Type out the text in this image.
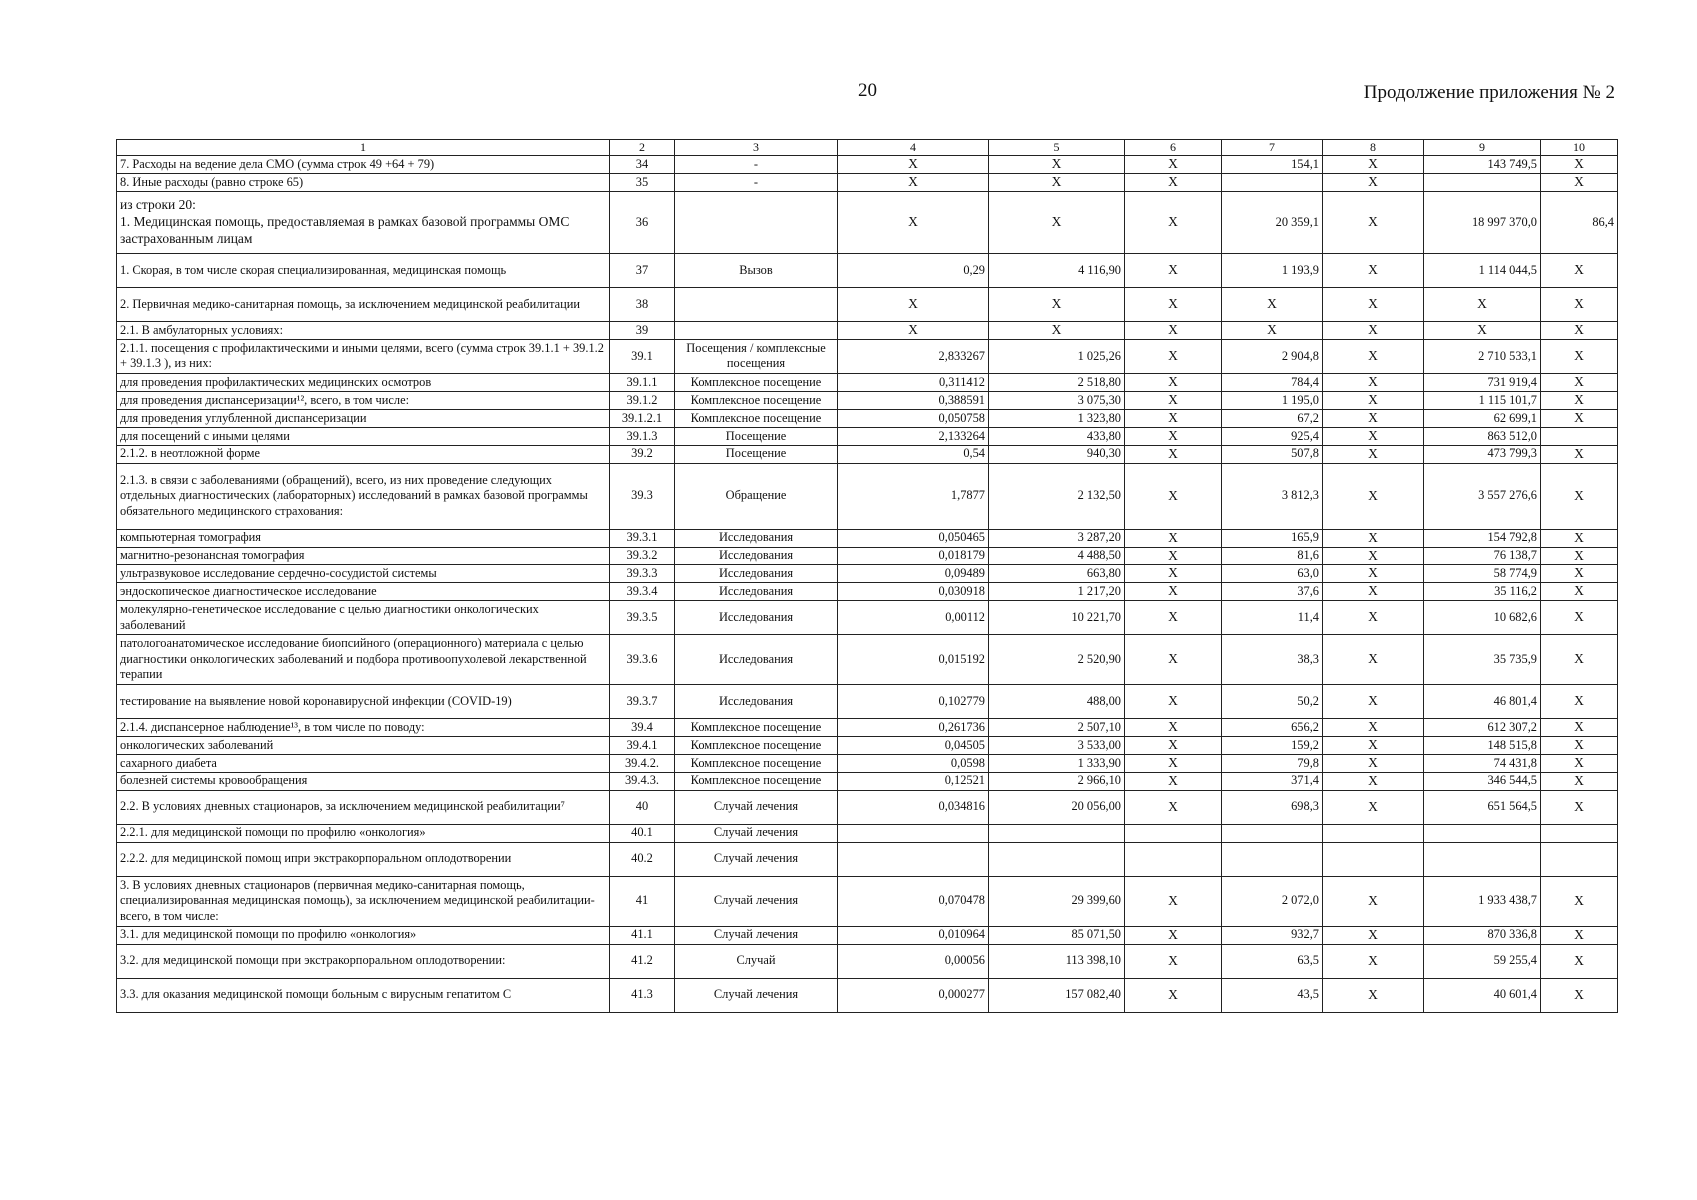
20	Продолжение приложения № 2
1	2	3	4	5	6	7	8	9	10
7. Расходы на ведение дела СМО (сумма строк 49 +64 + 79)	34	-	X	X	X	154,1	X	143 749,5	X
8. Иные расходы (равно строке 65)	35	-	X	X	X		X		X
из строки 20:
1. Медицинская помощь, предоставляемая в рамках базовой программы ОМС застрахованным лицам	36		X	X	X	20 359,1	X	18 997 370,0	86,4
1. Скорая, в том числе скорая специализированная, медицинская помощь	37	Вызов	0,29	4 116,90	X	1 193,9	X	1 114 044,5	X
2. Первичная медико-санитарная помощь, за исключением медицинской реабилитации	38		X	X	X	X	X	X	X
2.1. В амбулаторных условиях:	39		X	X	X	X	X	X	X
2.1.1. посещения с профилактическими и иными целями, всего (сумма строк 39.1.1 + 39.1.2 + 39.1.3 ), из них:	39.1	Посещения / комплексные посещения	2,833267	1 025,26	X	2 904,8	X	2 710 533,1	X
для проведения профилактических медицинских осмотров	39.1.1	Комплексное посещение	0,311412	2 518,80	X	784,4	X	731 919,4	X
для проведения диспансеризации¹², всего, в том числе:	39.1.2	Комплексное посещение	0,388591	3 075,30	X	1 195,0	X	1 115 101,7	X
для проведения углубленной диспансеризации	39.1.2.1	Комплексное посещение	0,050758	1 323,80	X	67,2	X	62 699,1	X
для посещений с иными целями	39.1.3	Посещение	2,133264	433,80	X	925,4	X	863 512,0	
2.1.2. в неотложной форме	39.2	Посещение	0,54	940,30	X	507,8	X	473 799,3	X
2.1.3. в связи с заболеваниями (обращений), всего, из них проведение следующих отдельных диагностических (лабораторных) исследований в рамках базовой программы обязательного медицинского страхования:	39.3	Обращение	1,7877	2 132,50	X	3 812,3	X	3 557 276,6	X
компьютерная томография	39.3.1	Исследования	0,050465	3 287,20	X	165,9	X	154 792,8	X
магнитно-резонансная томография	39.3.2	Исследования	0,018179	4 488,50	X	81,6	X	76 138,7	X
ультразвуковое исследование сердечно-сосудистой системы	39.3.3	Исследования	0,09489	663,80	X	63,0	X	58 774,9	X
эндоскопическое диагностическое исследование	39.3.4	Исследования	0,030918	1 217,20	X	37,6	X	35 116,2	X
молекулярно-генетическое исследование с целью диагностики онкологических заболеваний	39.3.5	Исследования	0,00112	10 221,70	X	11,4	X	10 682,6	X
патологоанатомическое исследование биопсийного (операционного) материала с целью диагностики онкологических заболеваний и подбора противоопухолевой лекарственной терапии	39.3.6	Исследования	0,015192	2 520,90	X	38,3	X	35 735,9	X
тестирование на выявление новой коронавирусной инфекции (COVID-19)	39.3.7	Исследования	0,102779	488,00	X	50,2	X	46 801,4	X
2.1.4. диспансерное наблюдение¹³, в том числе по поводу:	39.4	Комплексное посещение	0,261736	2 507,10	X	656,2	X	612 307,2	X
онкологических заболеваний	39.4.1	Комплексное посещение	0,04505	3 533,00	X	159,2	X	148 515,8	X
сахарного диабета	39.4.2.	Комплексное посещение	0,0598	1 333,90	X	79,8	X	74 431,8	X
болезней системы кровообращения	39.4.3.	Комплексное посещение	0,12521	2 966,10	X	371,4	X	346 544,5	X
2.2. В условиях дневных стационаров, за исключением медицинской реабилитации⁷	40	Случай лечения	0,034816	20 056,00	X	698,3	X	651 564,5	X
2.2.1. для медицинской помощи по профилю «онкология»	40.1	Случай лечения							
2.2.2. для медицинской помощ ипри экстракорпоральном оплодотворении	40.2	Случай лечения							
3. В условиях дневных стационаров (первичная медико-санитарная помощь, специализированная медицинская помощь), за исключением медицинской реабилитации-всего, в том числе:	41	Случай лечения	0,070478	29 399,60	X	2 072,0	X	1 933 438,7	X
3.1. для медицинской помощи по профилю «онкология»	41.1	Случай лечения	0,010964	85 071,50	X	932,7	X	870 336,8	X
3.2. для медицинской помощи при экстракорпоральном оплодотворении:	41.2	Случай	0,00056	113 398,10	X	63,5	X	59 255,4	X
3.3. для оказания медицинской помощи больным с вирусным гепатитом С	41.3	Случай лечения	0,000277	157 082,40	X	43,5	X	40 601,4	X
